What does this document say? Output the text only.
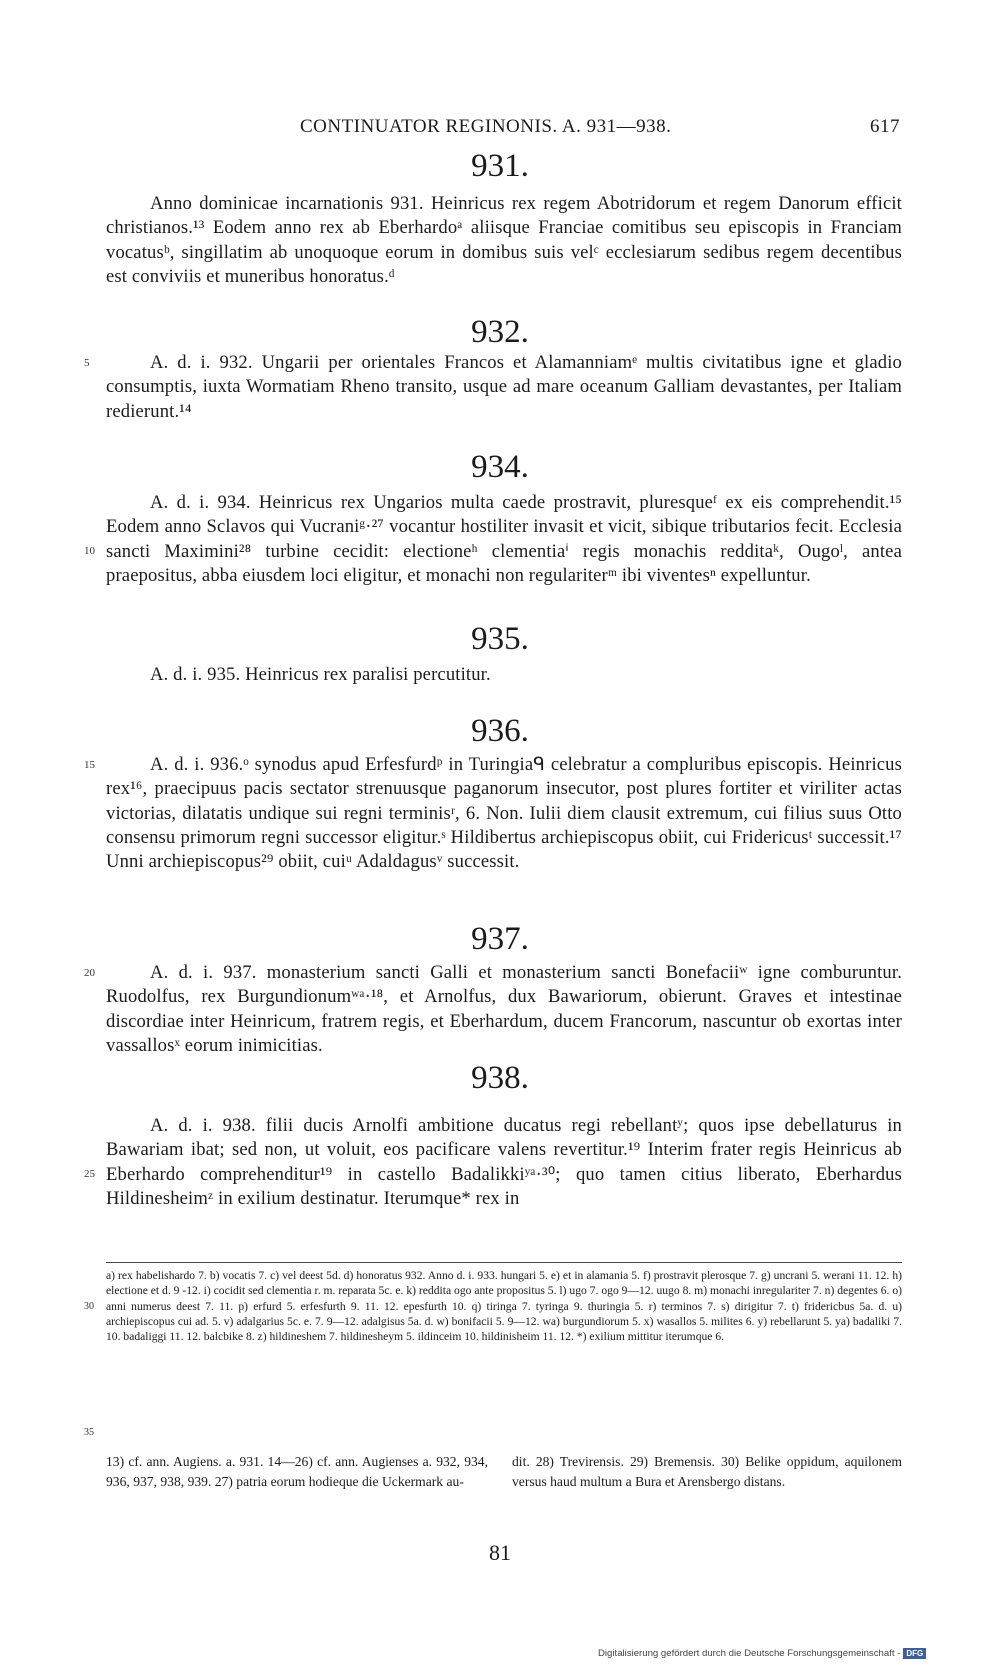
CONTINUATOR REGINONIS. A. 931—938.	617
931.

Anno dominicae incarnationis 931. Heinricus rex regem Abotridorum et regem Danorum efficit christianos.¹³ Eodem anno rex ab Eberhardoᵃ aliisque Franciae comitibus seu episcopis in Franciam vocatusᵇ, singillatim ab unoquoque eorum in domibus suis velᶜ ecclesiarum sedibus regem decentibus est conviviis et muneribus honoratus.ᵈ

932.
5	A. d. i. 932. Ungarii per orientales Francos et Alamanniamᵉ multis civitatibus igne et gladio consumptis, iuxta Wormatiam Rheno transito, usque ad mare oceanum Galliam devastantes, per Italiam redierunt.¹⁴

934.
10

A. d. i. 934. Heinricus rex Ungarios multa caede prostravit, pluresqueᶠ ex eis comprehendit.¹⁵ Eodem anno Sclavos qui Vucraniᵍ·²⁷ vocantur hostiliter invasit et vicit, sibique tributarios fecit. Ecclesia sancti Maximini²⁸ turbine cecidit: electioneʰ clementiaⁱ regis monachis redditaᵏ, Ougoˡ, antea praepositus, abba eiusdem loci eligitur, et monachi non regulariterᵐ ibi viventesⁿ expelluntur.

935.

A. d. i. 935. Heinricus rex paralisi percutitur.

936.
15	A. d. i. 936.ᵒ synodus apud Erfesfurdᵖ in Turingiaᑫ celebratur a compluribus episcopis. Heinricus rex¹⁶, praecipuus pacis sectator strenuusque paganorum insecutor, post plures fortiter et viriliter actas victorias, dilatatis undique sui regni terminisʳ, 6. Non. Iulii diem clausit extremum, cui filius suus Otto consensu primorum regni successor eligitur.ˢ Hildibertus archiepiscopus obiit, cui Fridericusᵗ successit.¹⁷ Unni archiepiscopus²⁹ obiit, cuiᵘ Adaldagusᵛ successit.

937.
20	A. d. i. 937. monasterium sancti Galli et monasterium sancti Bonefaciiʷ igne comburuntur. Ruodolfus, rex Burgundionumʷᵃ·¹⁸, et Arnolfus, dux Bawariorum, obierunt. Graves et intestinae discordiae inter Heinricum, fratrem regis, et Eberhardum, ducem Francorum, nascuntur ob exortas inter vassallosˣ eorum inimicitias.

938.
25

A. d. i. 938. filii ducis Arnolfi ambitione ducatus regi rebellantʸ; quos ipse debellaturus in Bawariam ibat; sed non, ut voluit, eos pacificare valens revertitur.¹⁹ Interim frater regis Heinricus ab Eberhardo comprehenditur¹⁹ in castello Badalikkiʸᵃ·³⁰; quo tamen citius liberato, Eberhardus Hildinesheimᶻ in exilium destinatur. Iterumque* rex in

30
35

a) rex habelishardo 7. b) vocatis 7. c) vel deest 5d. d) honoratus 932. Anno d. i. 933. hungari 5. e) et in alamania 5. f) prostravit plerosque 7. g) uncrani 5. werani 11. 12. h) electione et d. 9 -12. i) cocidit sed clementia r. m. reparata 5c. e. k) reddita ogo ante propositus 5. l) ugo 7. ogo 9—12. uugo 8. m) monachi inregulariter 7. n) degentes 6. o) anni numerus deest 7. 11. p) erfurd 5. erfesfurth 9. 11. 12. epesfurth 10. q) tiringa 7. tyringa 9. thuringia 5. r) terminos 7. s) dirigitur 7. t) fridericbus 5a. d. u) archiepiscopus cui ad. 5. v) adalgarius 5c. e. 7. 9—12. adalgisus 5a. d. w) bonifacii 5. 9—12. wa) burgundiorum 5. x) wasallos 5. milites 6. y) rebellarunt 5. ya) badaliki 7. 10. badaliggi 11. 12. balcbike 8. z) hildineshem 7. hildinesheym 5. ildinceim 10. hildinisheim 11. 12. *) exilium mittitur iterumque 6.

13) cf. ann. Augiens. a. 931. 14—26) cf. ann. Augienses a. 932, 934, 936, 937, 938, 939. 27) patria eorum hodieque die Uckermark au-

dit. 28) Trevirensis. 29) Bremensis. 30) Belike oppidum, aquilonem versus haud multum a Bura et Arensbergo distans.

81
Digitalisierung gefördert durch die Deutsche Forschungsgemeinschaft - DFG
